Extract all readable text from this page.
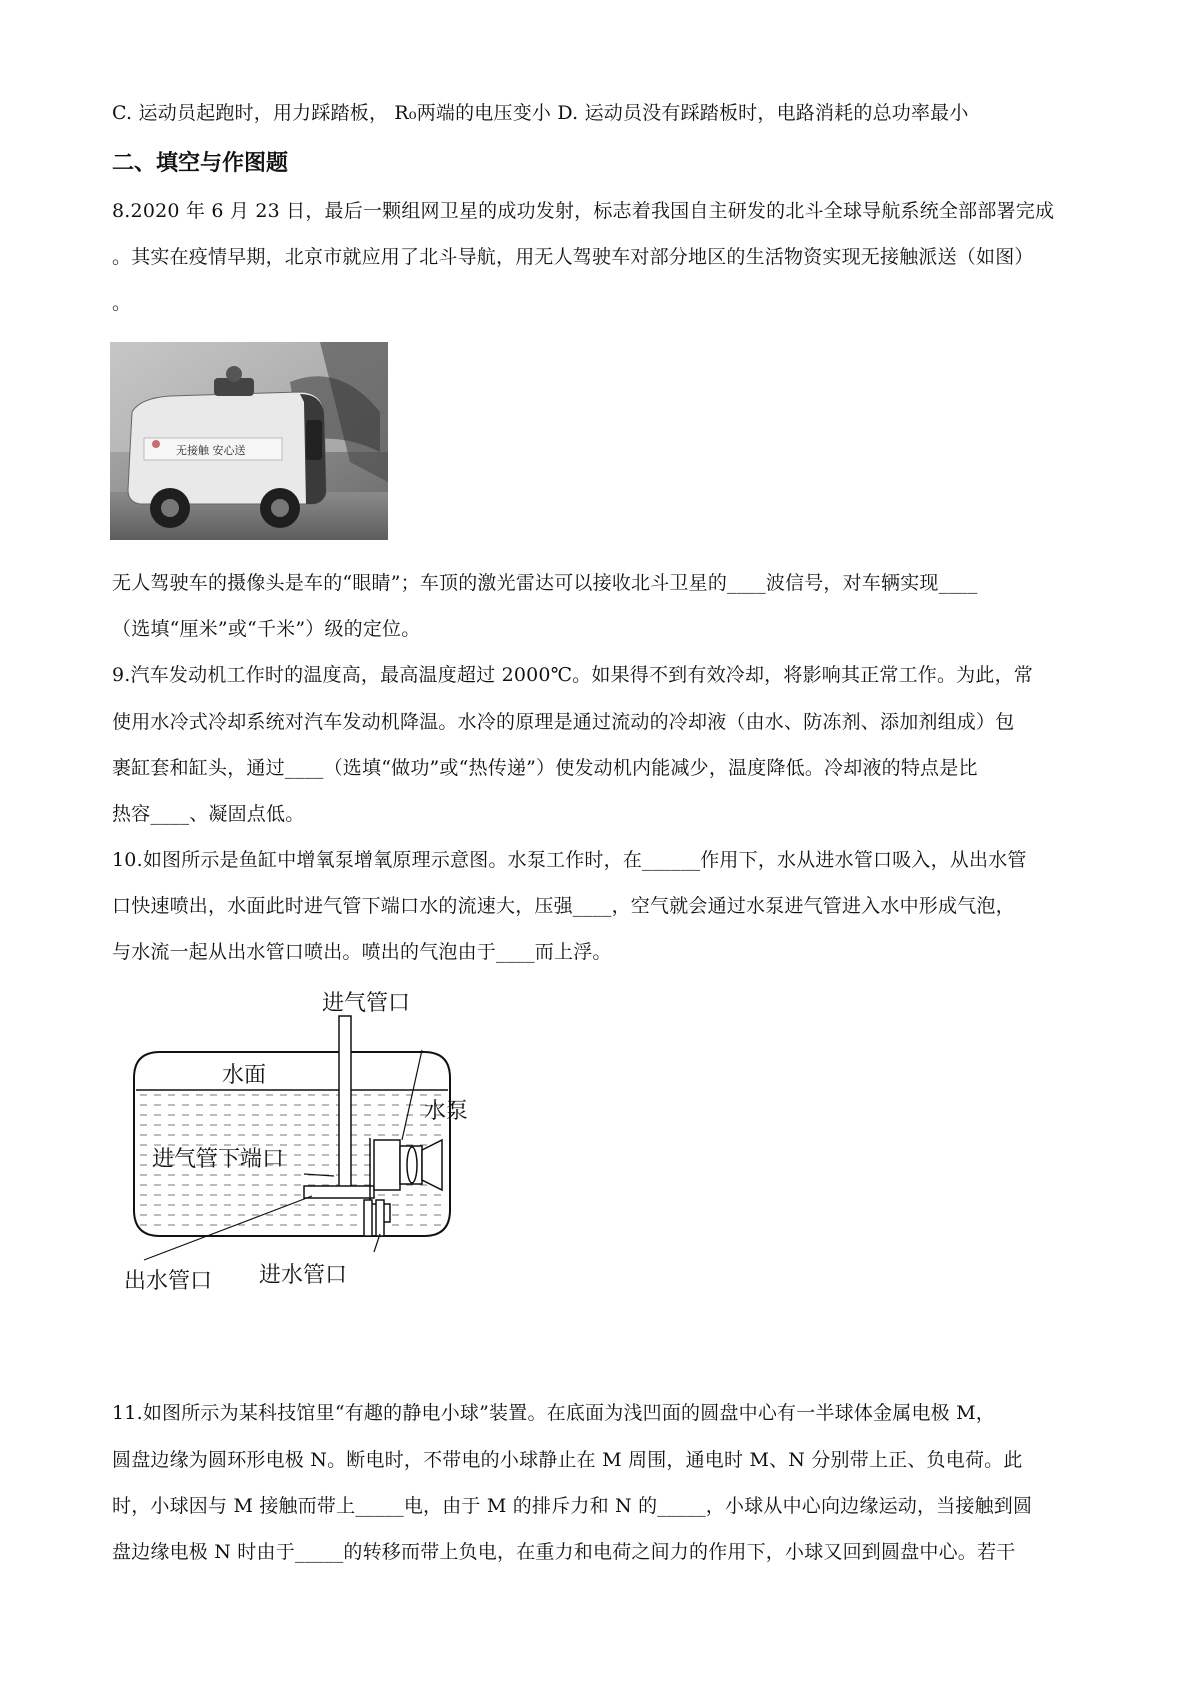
C. 运动员起跑时，用力踩踏板， R₀两端的电压变小 D. 运动员没有踩踏板时，电路消耗的总功率最小
二、填空与作图题
8.2020 年 6 月 23 日，最后一颗组网卫星的成功发射，标志着我国自主研发的北斗全球导航系统全部部署完成
。其实在疫情早期，北京市就应用了北斗导航，用无人驾驶车对部分地区的生活物资实现无接触派送（如图）
。
无接触 安心送
无人驾驶车的摄像头是车的“眼睛”；车顶的激光雷达可以接收北斗卫星的____波信号，对车辆实现____
（选填“厘米”或“千米”）级的定位。
9.汽车发动机工作时的温度高，最高温度超过 2000℃。如果得不到有效冷却，将影响其正常工作。为此，常
使用水冷式冷却系统对汽车发动机降温。水冷的原理是通过流动的冷却液（由水、防冻剂、添加剂组成）包
裹缸套和缸头，通过____（选填“做功”或“热传递”）使发动机内能减少，温度降低。冷却液的特点是比
热容____、凝固点低。
10.如图所示是鱼缸中增氧泵增氧原理示意图。水泵工作时，在______作用下，水从进水管口吸入，从出水管
口快速喷出，水面此时进气管下端口水的流速大，压强____，空气就会通过水泵进气管进入水中形成气泡，
与水流一起从出水管口喷出。喷出的气泡由于____而上浮。
进气管口
水面
水泵
进气管下端口
出水管口 进水管口
11.如图所示为某科技馆里“有趣的静电小球”装置。在底面为浅凹面的圆盘中心有一半球体金属电极 M，
圆盘边缘为圆环形电极 N。断电时，不带电的小球静止在 M 周围，通电时 M、N 分别带上正、负电荷。此
时，小球因与 M 接触而带上_____电，由于 M 的排斥力和 N 的_____，小球从中心向边缘运动，当接触到圆
盘边缘电极 N 时由于_____的转移而带上负电，在重力和电荷之间力的作用下，小球又回到圆盘中心。若干
